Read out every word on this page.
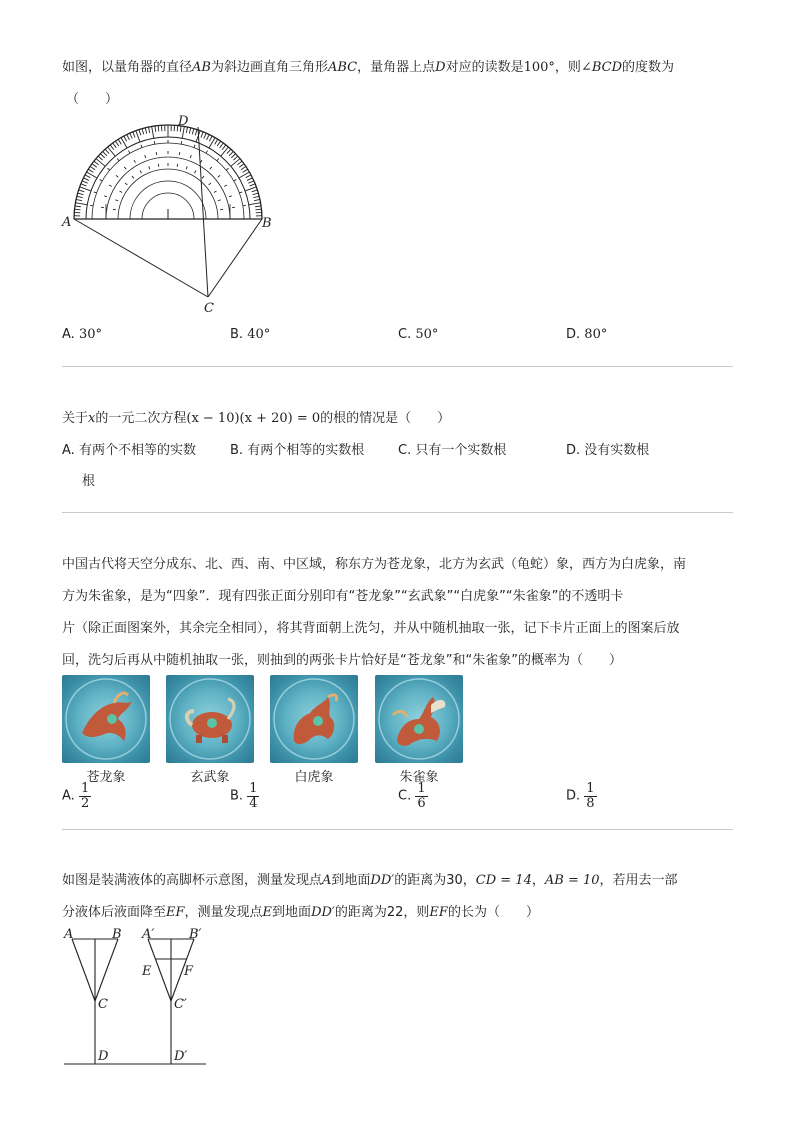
如图，以量角器的直径AB为斜边画直角三角形ABC，量角器上点D对应的读数是100°，则∠BCD的度数为
（　　）
A	B
C
D
A. 30°	B. 40°	C. 50°	D. 80°
关于x的一元二次方程(x − 10)(x + 20) = 0的根的情况是（　　）
A. 有两个不相等的实数
根
B. 有两个相等的实数根	C. 只有一个实数根	D. 没有实数根
中国古代将天空分成东、北、西、南、中区域，称东方为苍龙象，北方为玄武（龟蛇）象，西方为白虎象，南
方为朱雀象，是为“四象”．现有四张正面分别印有“苍龙象”“玄武象”“白虎象”“朱雀象”的不透明卡
片（除正面图案外，其余完全相同），将其背面朝上洗匀，并从中随机抽取一张，记下卡片正面上的图案后放
回，洗匀后再从中随机抽取一张，则抽到的两张卡片恰好是“苍龙象”和“朱雀象”的概率为（　　）
苍龙象	玄武象	白虎象	朱雀象
A. $\frac{1}{2}$	B. $\frac{1}{4}$	C. $\frac{1}{6}$	D. $\frac{1}{8}$
如图是装满液体的高脚杯示意图，测量发现点A到地面DD′的距离为30，CD = 14，AB = 10，若用去一部
分液体后液面降至EF，测量发现点E到地面DD′的距离为22，则EF的长为（　　）
A	B
C
D
A′	B′
E	F
C′
D′
